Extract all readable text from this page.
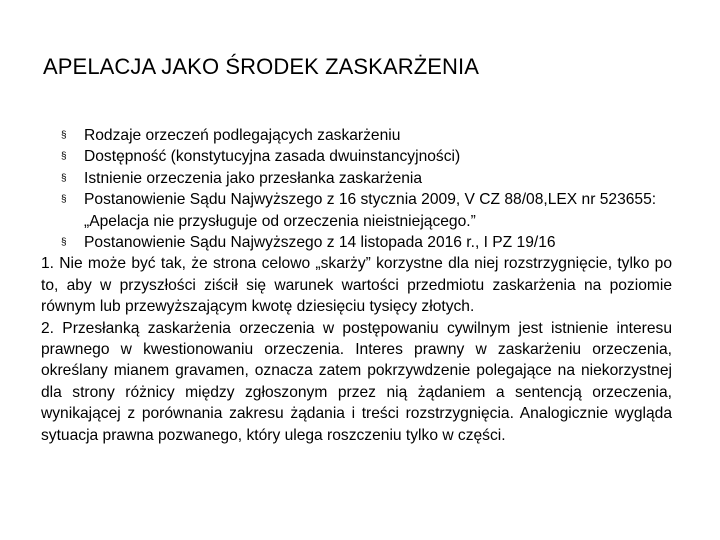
APELACJA JAKO ŚRODEK ZASKARŻENIA
§ Rodzaje orzeczeń podlegających zaskarżeniu
§ Dostępność (konstytucyjna zasada dwuinstancyjności)
§ Istnienie orzeczenia jako przesłanka zaskarżenia
§ Postanowienie Sądu Najwyższego z 16 stycznia 2009, V CZ 88/08,LEX nr 523655: „Apelacja nie przysługuje od orzeczenia nieistniejącego.”
§ Postanowienie Sądu Najwyższego z 14 listopada 2016 r., I PZ 19/16

1. Nie może być tak, że strona celowo „skarży” korzystne dla niej rozstrzygnięcie, tylko po to, aby w przyszłości ziścił się warunek wartości przedmiotu zaskarżenia na poziomie równym lub przewyższającym kwotę dziesięciu tysięcy złotych.

2. Przesłanką zaskarżenia orzeczenia w postępowaniu cywilnym jest istnienie interesu prawnego w kwestionowaniu orzeczenia. Interes prawny w zaskarżeniu orzeczenia, określany mianem gravamen, oznacza zatem pokrzywdzenie polegające na niekorzystnej dla strony różnicy między zgłoszonym przez nią żądaniem a sentencją orzeczenia, wynikającej z porównania zakresu żądania i treści rozstrzygnięcia. Analogicznie wygląda sytuacja prawna pozwanego, który ulega roszczeniu tylko w części.
